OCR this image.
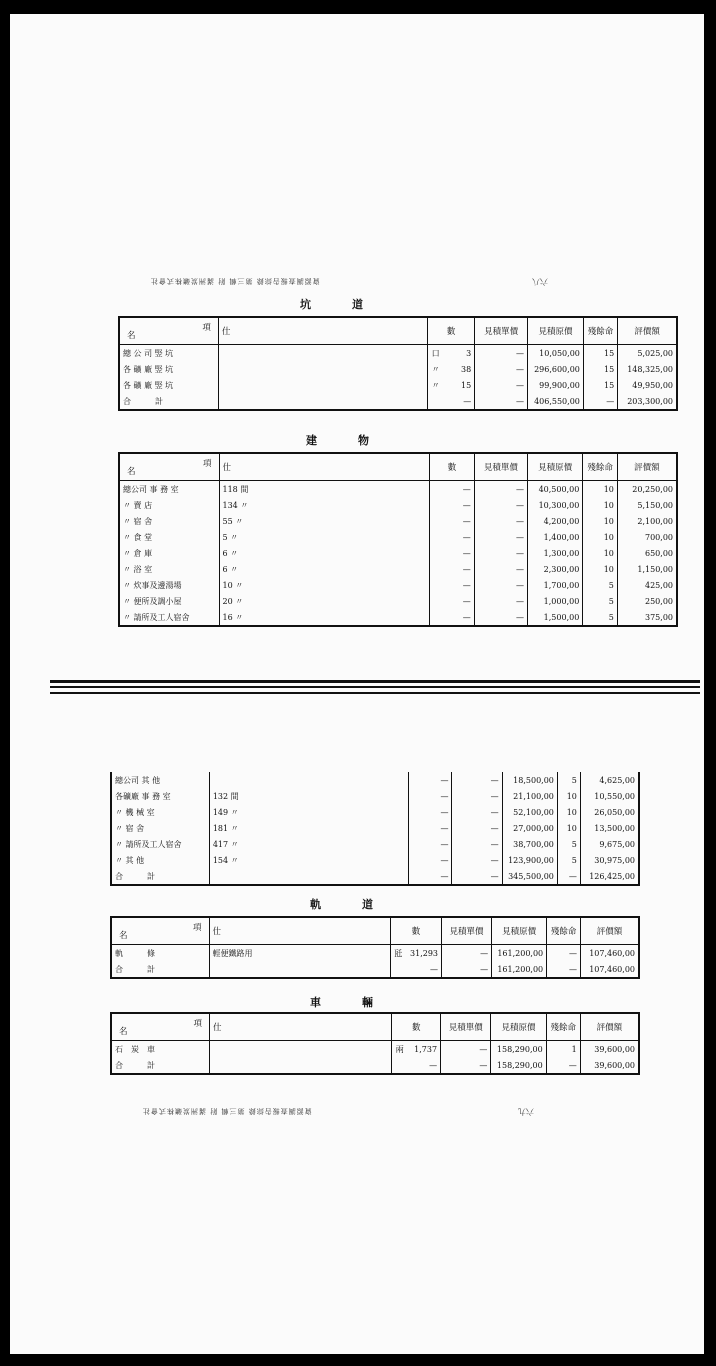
資源調查報告綜錄 第三輯 附 滿洲炭礦株式會社	六八
坑　　　道
項
名	仕	數		見積單價	見積原價	殘餘命	評價額
總 公 司 竪 坑		口	3	—	10,050,00	15	5,025,00
各 礦 廠 竪 坑		〃	38	—	296,600,00	15	148,325,00
各 礦 廠 竪 坑		〃	15	—	99,900,00	15	49,950,00
合　　　計			—	—	406,550,00	—	203,300,00
建　　　物
項
名	仕	數	見積單價	見積原價	殘餘命	評價額
總公司 事 務 室	118 間	—	—	40,500,00	10	20,250,00
〃 賣 店	134 〃	—	—	10,300,00	10	5,150,00
〃 宿 舍	55 〃	—	—	4,200,00	10	2,100,00
〃 食 堂	5 〃	—	—	1,400,00	10	700,00
〃 倉 庫	6 〃	—	—	1,300,00	10	650,00
〃 浴 室	6 〃	—	—	2,300,00	10	1,150,00
〃 炊事及邊湯場	10 〃	—	—	1,700,00	5	425,00
〃 便所及調小屋	20 〃	—	—	1,000,00	5	250,00
〃 請所及工人宿舍	16 〃	—	—	1,500,00	5	375,00
總公司 其 他		—	—	18,500,00	5	4,625,00
各礦廠 事 務 室	132 間	—	—	21,100,00	10	10,550,00
〃 機 械 室	149 〃	—	—	52,100,00	10	26,050,00
〃 宿 舍	181 〃	—	—	27,000,00	10	13,500,00
〃 請所及工人宿舍	417 〃	—	—	38,700,00	5	9,675,00
〃 其 他	154 〃	—	—	123,900,00	5	30,975,00
合　　　計		—	—	345,500,00	—	126,425,00
軌　　　道
項
名	仕	數		見積單價	見積原價	殘餘命	評價額
軌　　　條	輕便鐵路用	瓩	31,293	—	161,200,00	—	107,460,00
合　　　計			—	—	161,200,00	—	107,460,00
車　　　輛
項
名	仕	數		見積單價	見積原價	殘餘命	評價額
石　炭　車		兩	1,737	—	158,290,00	1	39,600,00
合　　　計			—	—	158,290,00	—	39,600,00
資源調查報告綜錄 第三輯 附 滿洲炭礦株式會社	六九
